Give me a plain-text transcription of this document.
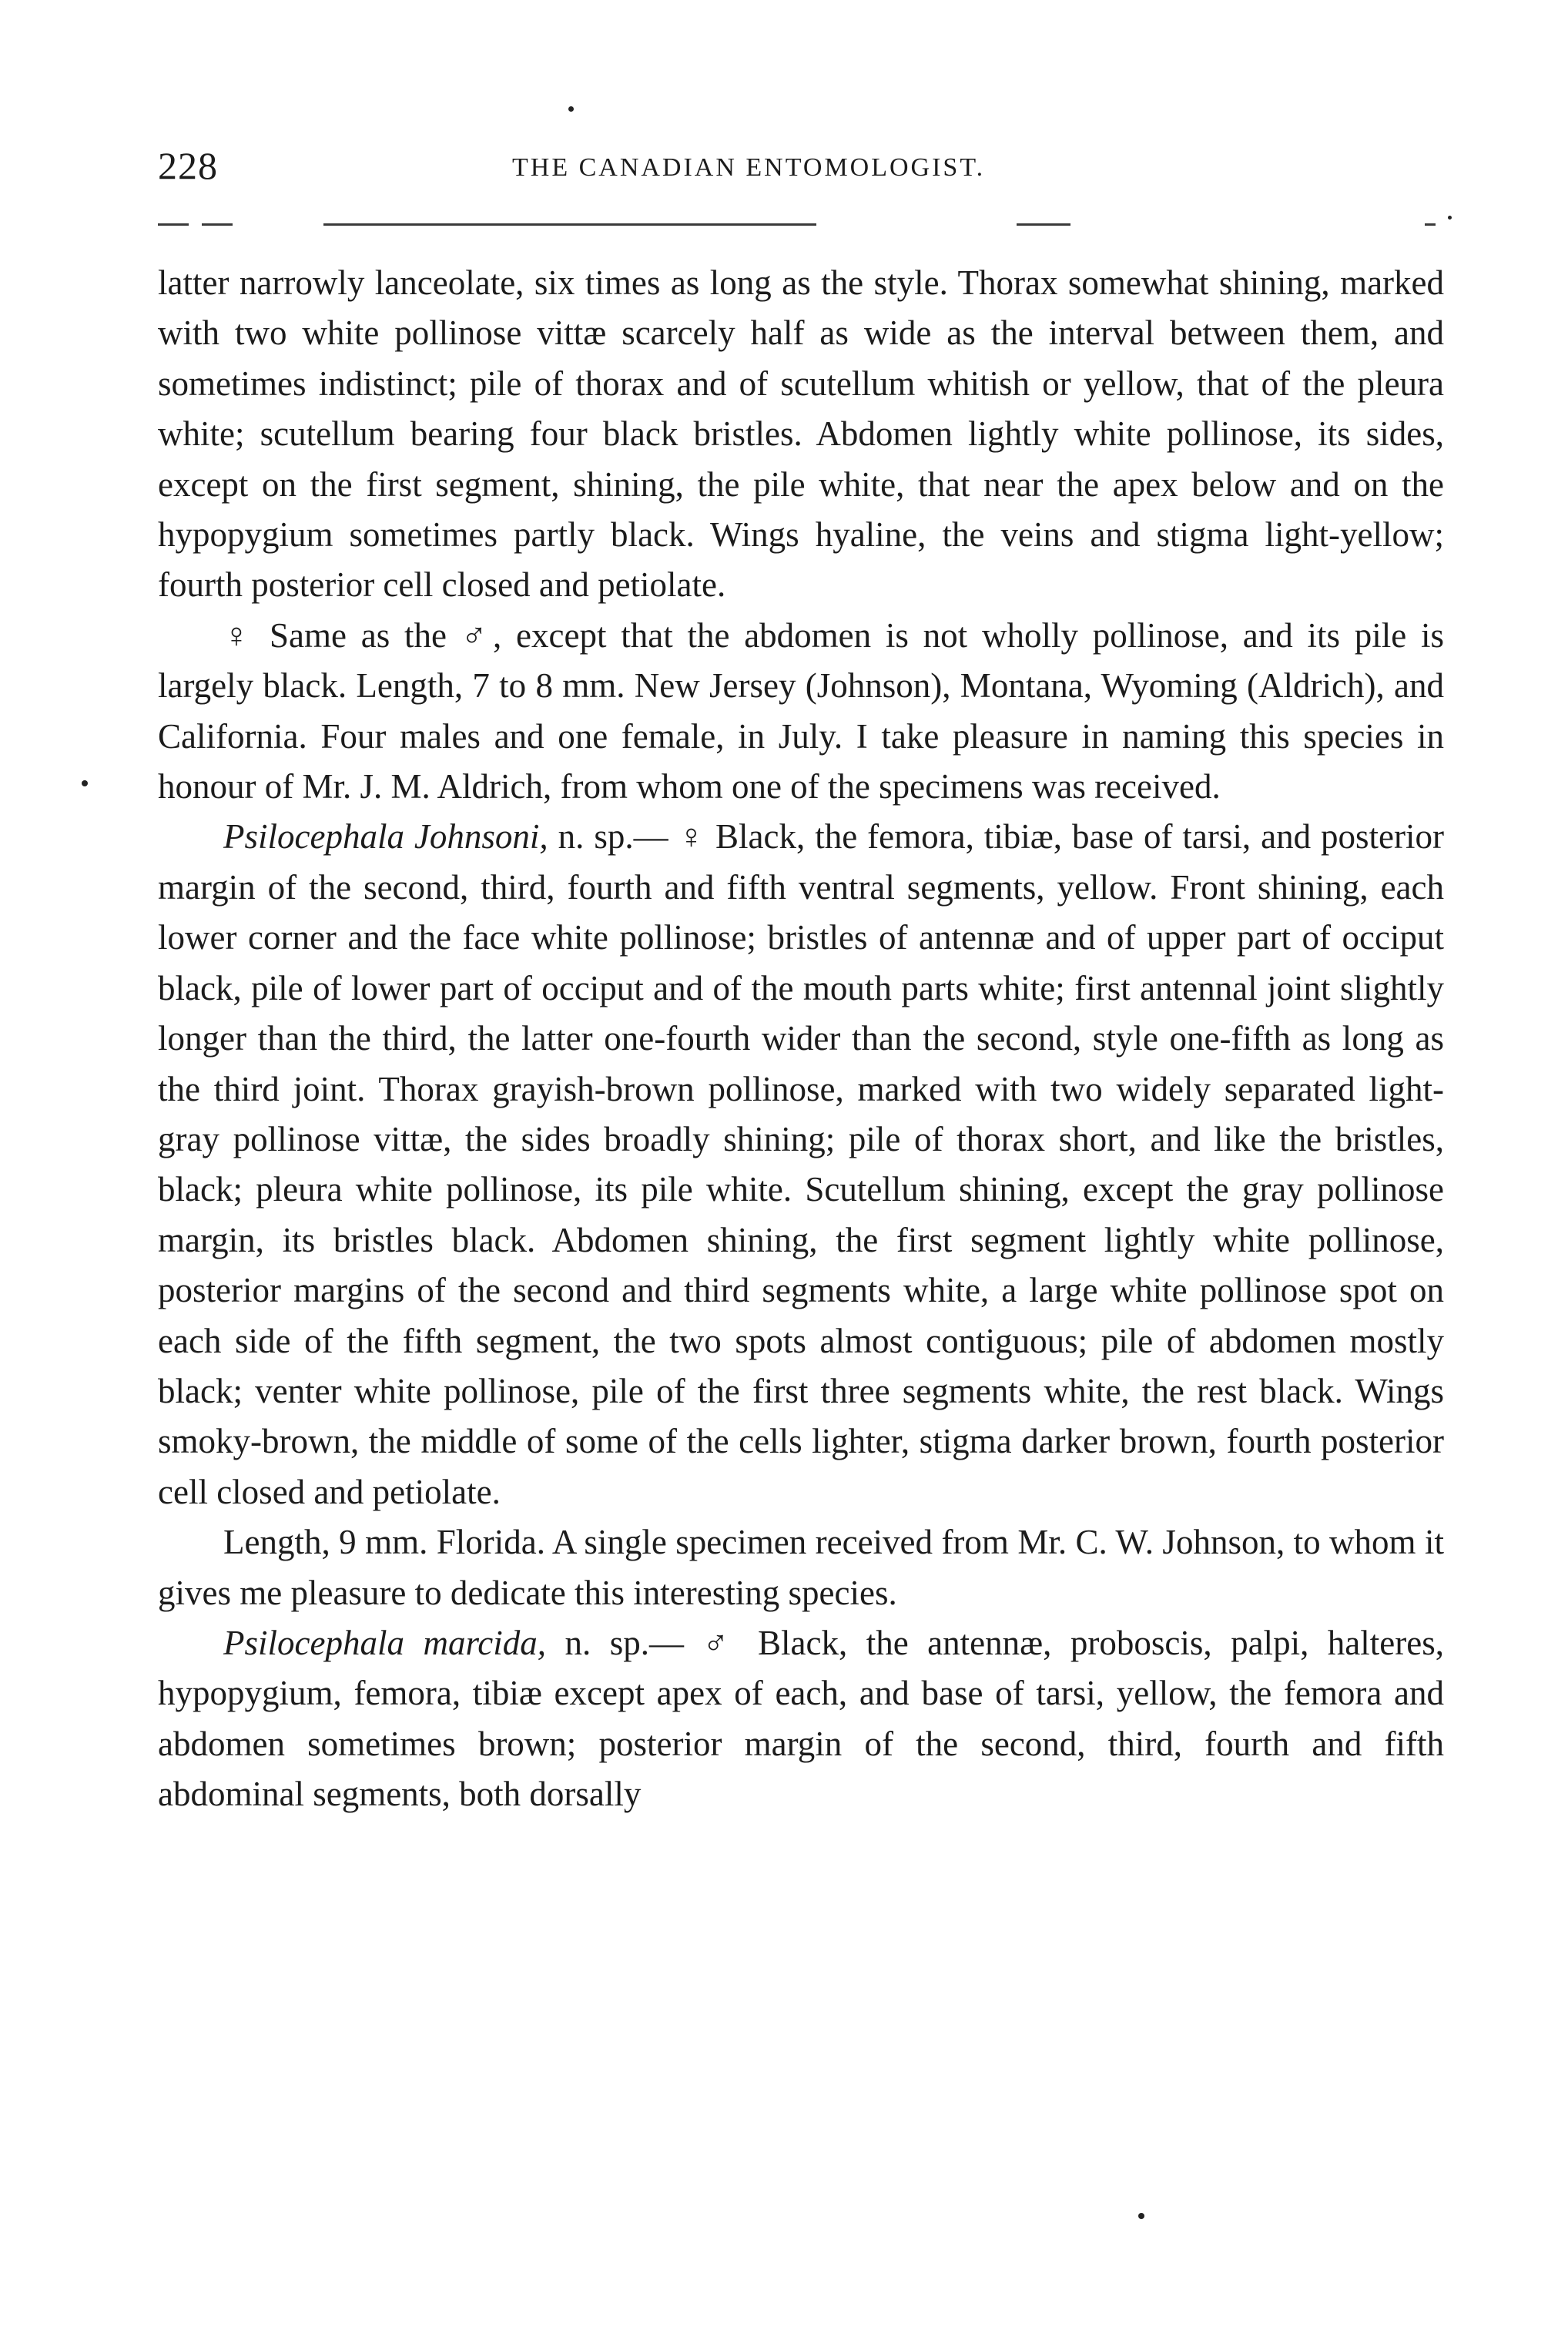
228	THE CANADIAN ENTOMOLOGIST.

latter narrowly lanceolate, six times as long as the style. Thorax somewhat shining, marked with two white pollinose vittæ scarcely half as wide as the interval between them, and sometimes indistinct; pile of thorax and of scutellum whitish or yellow, that of the pleura white; scutellum bearing four black bristles. Abdomen lightly white pollinose, its sides, except on the first segment, shining, the pile white, that near the apex below and on the hypopygium sometimes partly black. Wings hyaline, the veins and stigma light-yellow; fourth posterior cell closed and petiolate.

♀ Same as the ♂, except that the abdomen is not wholly pollinose, and its pile is largely black. Length, 7 to 8 mm. New Jersey (Johnson), Montana, Wyoming (Aldrich), and California. Four males and one female, in July. I take pleasure in naming this species in honour of Mr. J. M. Aldrich, from whom one of the specimens was received.

Psilocephala Johnsoni, n. sp.— ♀ Black, the femora, tibiæ, base of tarsi, and posterior margin of the second, third, fourth and fifth ventral segments, yellow. Front shining, each lower corner and the face white pollinose; bristles of antennæ and of upper part of occiput black, pile of lower part of occiput and of the mouth parts white; first antennal joint slightly longer than the third, the latter one-fourth wider than the second, style one-fifth as long as the third joint. Thorax grayish-brown pollinose, marked with two widely separated light-gray pollinose vittæ, the sides broadly shining; pile of thorax short, and like the bristles, black; pleura white pollinose, its pile white. Scutellum shining, except the gray pollinose margin, its bristles black. Abdomen shining, the first segment lightly white pollinose, posterior margins of the second and third segments white, a large white pollinose spot on each side of the fifth segment, the two spots almost contiguous; pile of abdomen mostly black; venter white pollinose, pile of the first three segments white, the rest black. Wings smoky-brown, the middle of some of the cells lighter, stigma darker brown, fourth posterior cell closed and petiolate.

Length, 9 mm. Florida. A single specimen received from Mr. C. W. Johnson, to whom it gives me pleasure to dedicate this interesting species.

Psilocephala marcida, n. sp.— ♂ Black, the antennæ, proboscis, palpi, halteres, hypopygium, femora, tibiæ except apex of each, and base of tarsi, yellow, the femora and abdomen sometimes brown; posterior margin of the second, third, fourth and fifth abdominal segments, both dorsally
